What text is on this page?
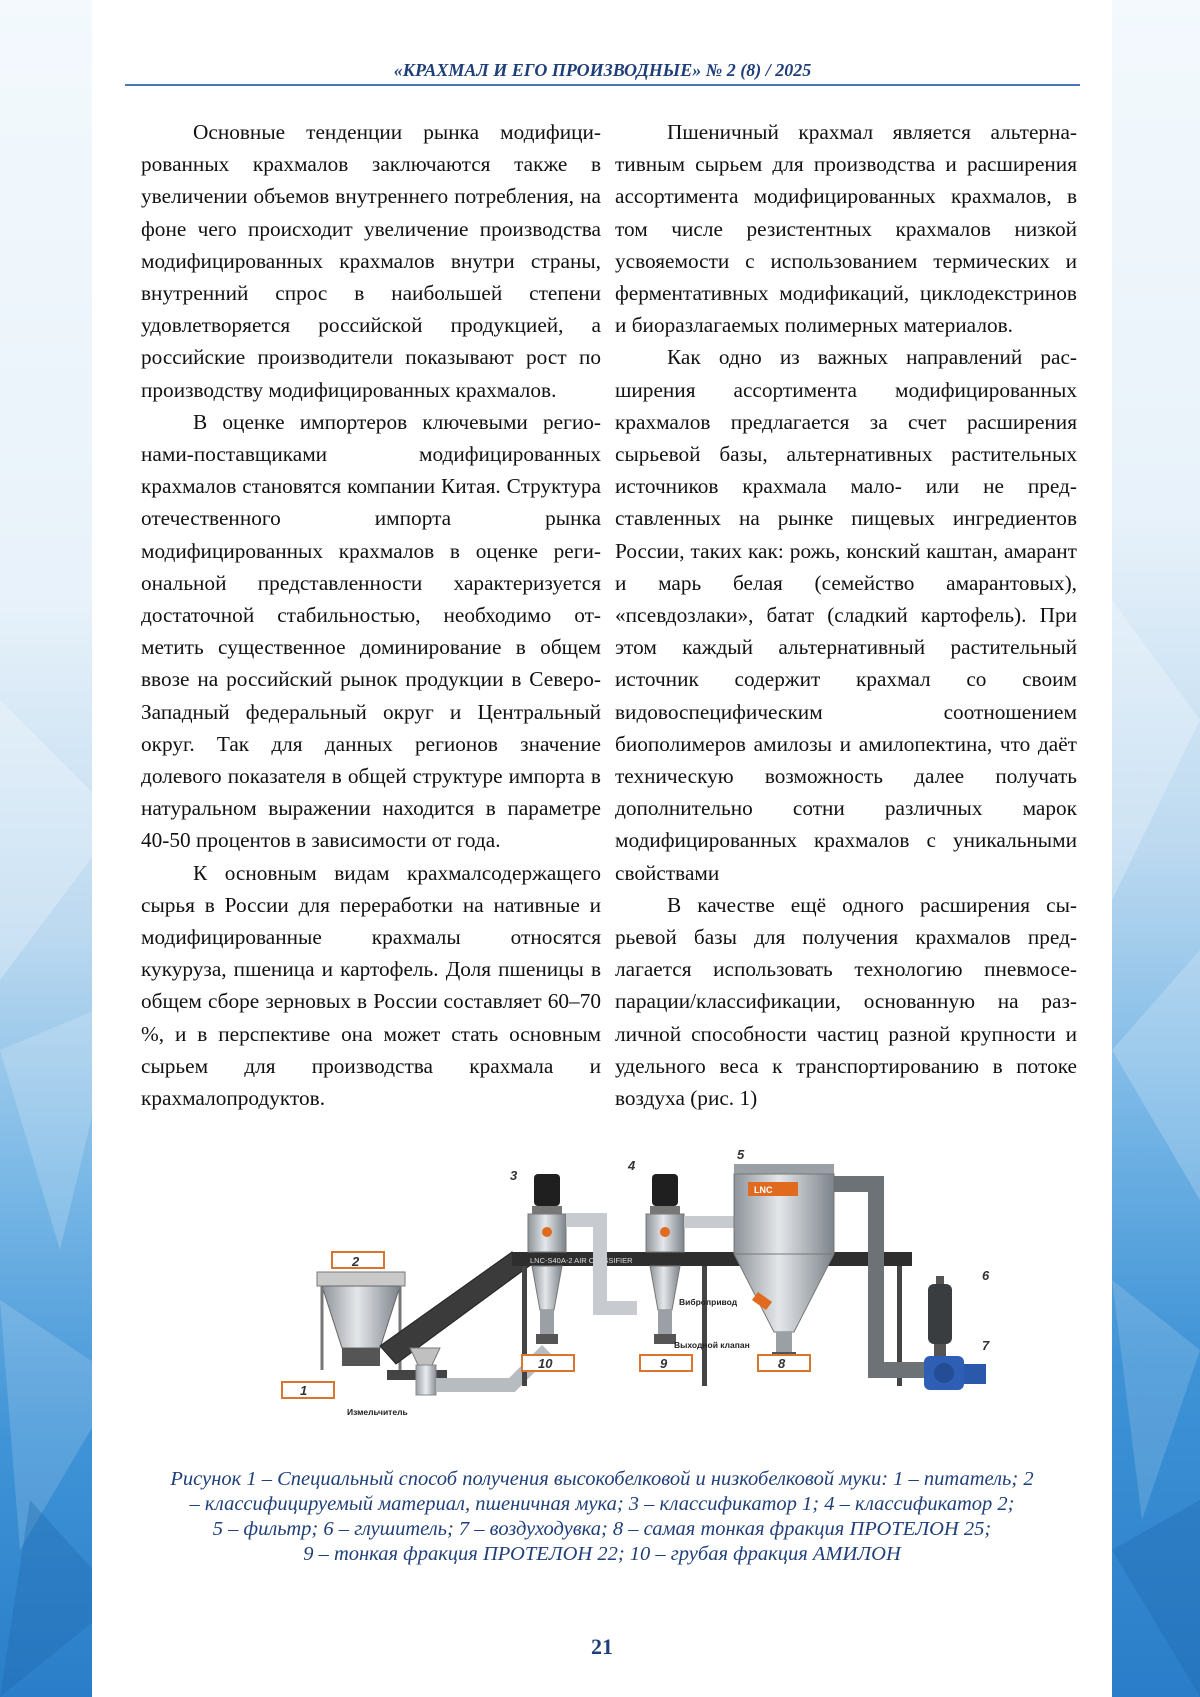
«КРАХМАЛ И ЕГО ПРОИЗВОДНЫЕ» № 2 (8) / 2025

Основные тенденции рынка модифици­рованных крахмалов заключаются также в увеличении объемов внутреннего потребле­ния, на фоне чего происходит увеличение производства модифицированных крахмалов внутри страны, внутренний спрос в наиболь­шей степени удовлетворяется российской продукцией, а российские производители по­казывают рост по производству модифициро­ванных крахмалов.

В оценке импортеров ключевыми регио­нами-поставщиками модифицированных крахмалов становятся компании Китая. Структура отечественного импорта рынка модифицированных крахмалов в оценке реги­ональной представленности характеризуется достаточной стабильностью, необходимо от­метить существенное доминирование в об­щем ввозе на российский рынок продукции в Северо-Западный федеральный округ и Цен­тральный округ. Так для данных регионов значение долевого показателя в общей струк­туре импорта в натуральном выражении находится в параметре 40-50 процентов в за­висимости от года.

К основным видам крахмалсодержа­щего сырья в России для переработки на на­тивные и модифицированные крахмалы отно­сятся кукуруза, пшеница и картофель. Доля пшеницы в общем сборе зерновых в России составляет 60–70 %, и в перспективе она мо­жет стать основным сырьем для производства крахмала и крахмалопродуктов.

Пшеничный крахмал является альтерна­тивным сырьем для производства и расшире­ния ассортимента модифицированных крах­малов, в том числе резистентных крахмалов низкой усвояемости с использованием терми­ческих и ферментативных модификаций, цик­лодекстринов и биоразлагаемых полимерных материалов.

Как одно из важных направлений рас­ширения ассортимента модифицированных крахмалов предлагается за счет расширения сырьевой базы, альтернативных раститель­ных источников крахмала мало- или не пред­ставленных на рынке пищевых ингредиентов России, таких как: рожь, конский каштан, амарант и марь белая (семейство амаранто­вых), «псевдозлаки», батат (сладкий карто­фель). При этом каждый альтернативный рас­тительный источник содержит крахмал со своим видовоспецифическим соотношением биополимеров амилозы и амилопектина, что даёт техническую возможность далее полу­чать дополнительно сотни различных марок модифицированных крахмалов с уникаль­ными свойствами

В качестве ещё одного расширения сы­рьевой базы для получения крахмалов пред­лагается использовать технологию пневмосе­парации/классификации, основанную на раз­личной способности частиц разной крупно­сти и удельного веса к транспортированию в потоке воздуха (рис. 1)

LNC-S40A-2 AIR CLASSIFIER
LNC
1
2
3
4
5
6
7
8
9
10
Вибропривод
Выходной клапан
Измельчитель
Рисунок 1 – Специальный способ получения высокобелковой и низкобелковой муки: 1 – питатель; 2
– классифицируемый материал, пшеничная мука; 3 – классификатор 1; 4 – классификатор 2;
5 – фильтр; 6 – глушитель; 7 – воздуходувка; 8 – самая тонкая фракция ПРОТЕЛОН 25;
9 – тонкая фракция ПРОТЕЛОН 22; 10 – грубая фракция АМИЛОН
21
